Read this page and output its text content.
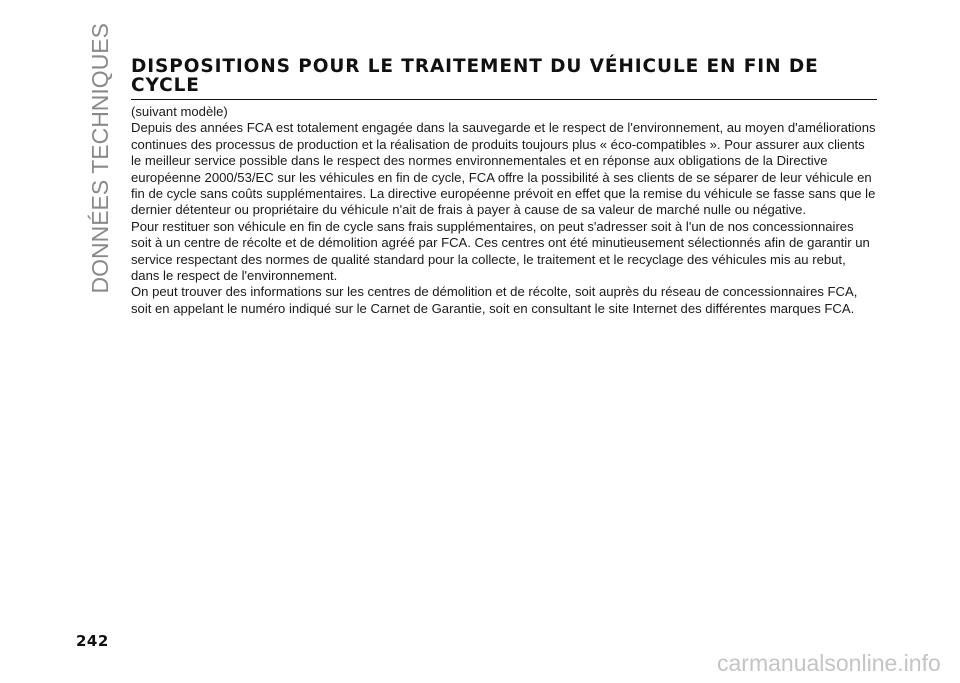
DONNÉES TECHNIQUES DISPOSITIONS POUR LE TRAITEMENT DU VÉHICULE EN FIN DE CYCLE

(suivant modèle)

Depuis des années FCA est totalement engagée dans la sauvegarde et le respect de l'environnement, au moyen d'améliorations continues des processus de production et la réalisation de produits toujours plus « éco-compatibles ». Pour assurer aux clients le meilleur service possible dans le respect des normes environnementales et en réponse aux obligations de la Directive européenne 2000/53/EC sur les véhicules en fin de cycle, FCA offre la possibilité à ses clients de se séparer de leur véhicule en fin de cycle sans coûts supplémentaires. La directive européenne prévoit en effet que la remise du véhicule se fasse sans que le dernier détenteur ou propriétaire du véhicule n'ait de frais à payer à cause de sa valeur de marché nulle ou négative.

Pour restituer son véhicule en fin de cycle sans frais supplémentaires, on peut s'adresser soit à l'un de nos concessionnaires soit à un centre de récolte et de démolition agréé par FCA. Ces centres ont été minutieusement sélectionnés afin de garantir un service respectant des normes de qualité standard pour la collecte, le traitement et le recyclage des véhicules mis au rebut, dans le respect de l'environnement.

On peut trouver des informations sur les centres de démolition et de récolte, soit auprès du réseau de concessionnaires FCA, soit en appelant le numéro indiqué sur le Carnet de Garantie, soit en consultant le site Internet des différentes marques FCA.

242
carmanualsonline.info
